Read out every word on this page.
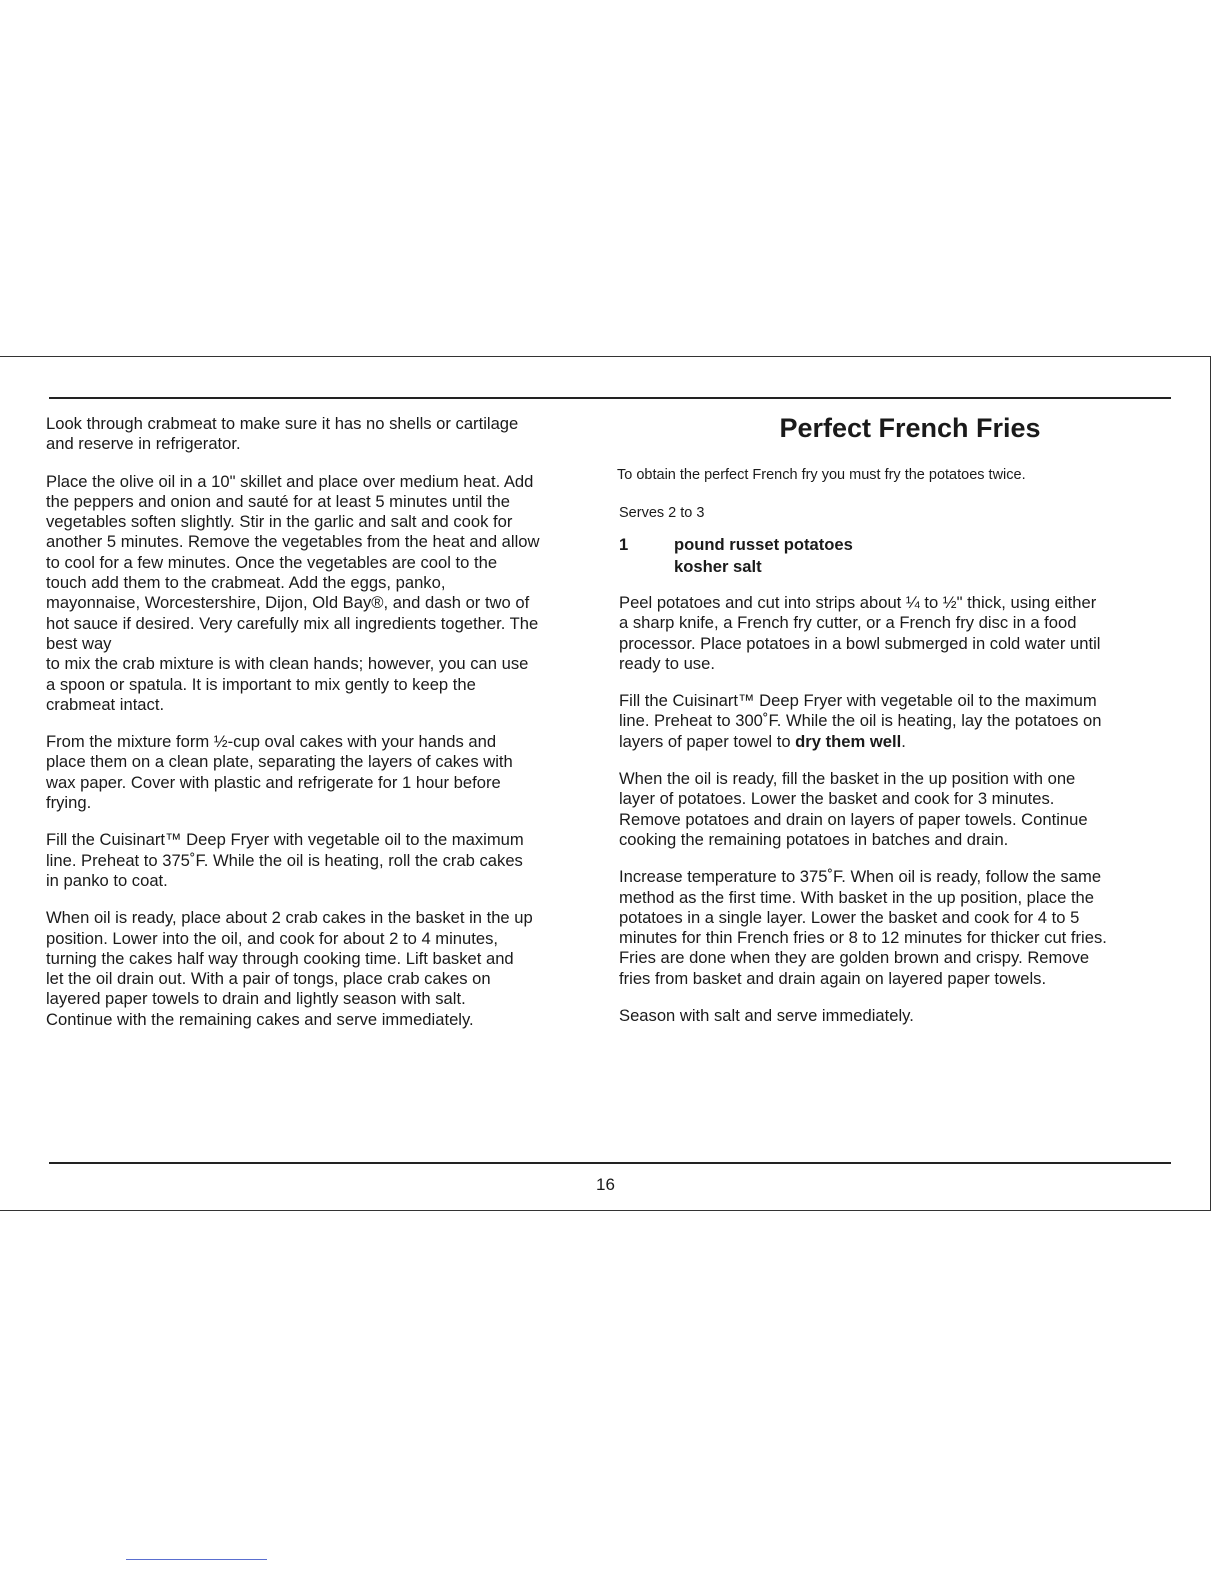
Look through crabmeat to make sure it has no shells or cartilage
and reserve in refrigerator.

Place the olive oil in a 10" skillet and place over medium heat. Add
the peppers and onion and sauté for at least 5 minutes until the
vegetables soften slightly. Stir in the garlic and salt and cook for
another 5 minutes. Remove the vegetables from the heat and allow
to cool for a few minutes. Once the vegetables are cool to the
touch add them to the crabmeat. Add the eggs, panko,
mayonnaise, Worcestershire, Dijon, Old Bay®, and dash or two of
hot sauce if desired. Very carefully mix all ingredients together. The
best way
to mix the crab mixture is with clean hands; however, you can use
a spoon or spatula. It is important to mix gently to keep the
crabmeat intact.

From the mixture form ½-cup oval cakes with your hands and
place them on a clean plate, separating the layers of cakes with
wax paper. Cover with plastic and refrigerate for 1 hour before
frying.

Fill the Cuisinart™ Deep Fryer with vegetable oil to the maximum
line. Preheat to 375˚F. While the oil is heating, roll the crab cakes
in panko to coat.

When oil is ready, place about 2 crab cakes in the basket in the up
position. Lower into the oil, and cook for about 2 to 4 minutes,
turning the cakes half way through cooking time. Lift basket and
let the oil drain out. With a pair of tongs, place crab cakes on
layered paper towels to drain and lightly season with salt.
Continue with the remaining cakes and serve immediately.

Perfect French Fries

To obtain the perfect French fry you must fry the potatoes twice.

Serves 2 to 3

1	pound russet potatoes
kosher salt

Peel potatoes and cut into strips about ¼ to ½" thick, using either
a sharp knife, a French fry cutter, or a French fry disc in a food
processor. Place potatoes in a bowl submerged in cold water until
ready to use.

Fill the Cuisinart™ Deep Fryer with vegetable oil to the maximum
line. Preheat to 300˚F. While the oil is heating, lay the potatoes on
layers of paper towel to dry them well.

When the oil is ready, fill the basket in the up position with one
layer of potatoes. Lower the basket and cook for 3 minutes.
Remove potatoes and drain on layers of paper towels. Continue
cooking the remaining potatoes in batches and drain.

Increase temperature to 375˚F. When oil is ready, follow the same
method as the first time. With basket in the up position, place the
potatoes in a single layer. Lower the basket and cook for 4 to 5
minutes for thin French fries or 8 to 12 minutes for thicker cut fries.
Fries are done when they are golden brown and crispy. Remove
fries from basket and drain again on layered paper towels.

Season with salt and serve immediately.

16
